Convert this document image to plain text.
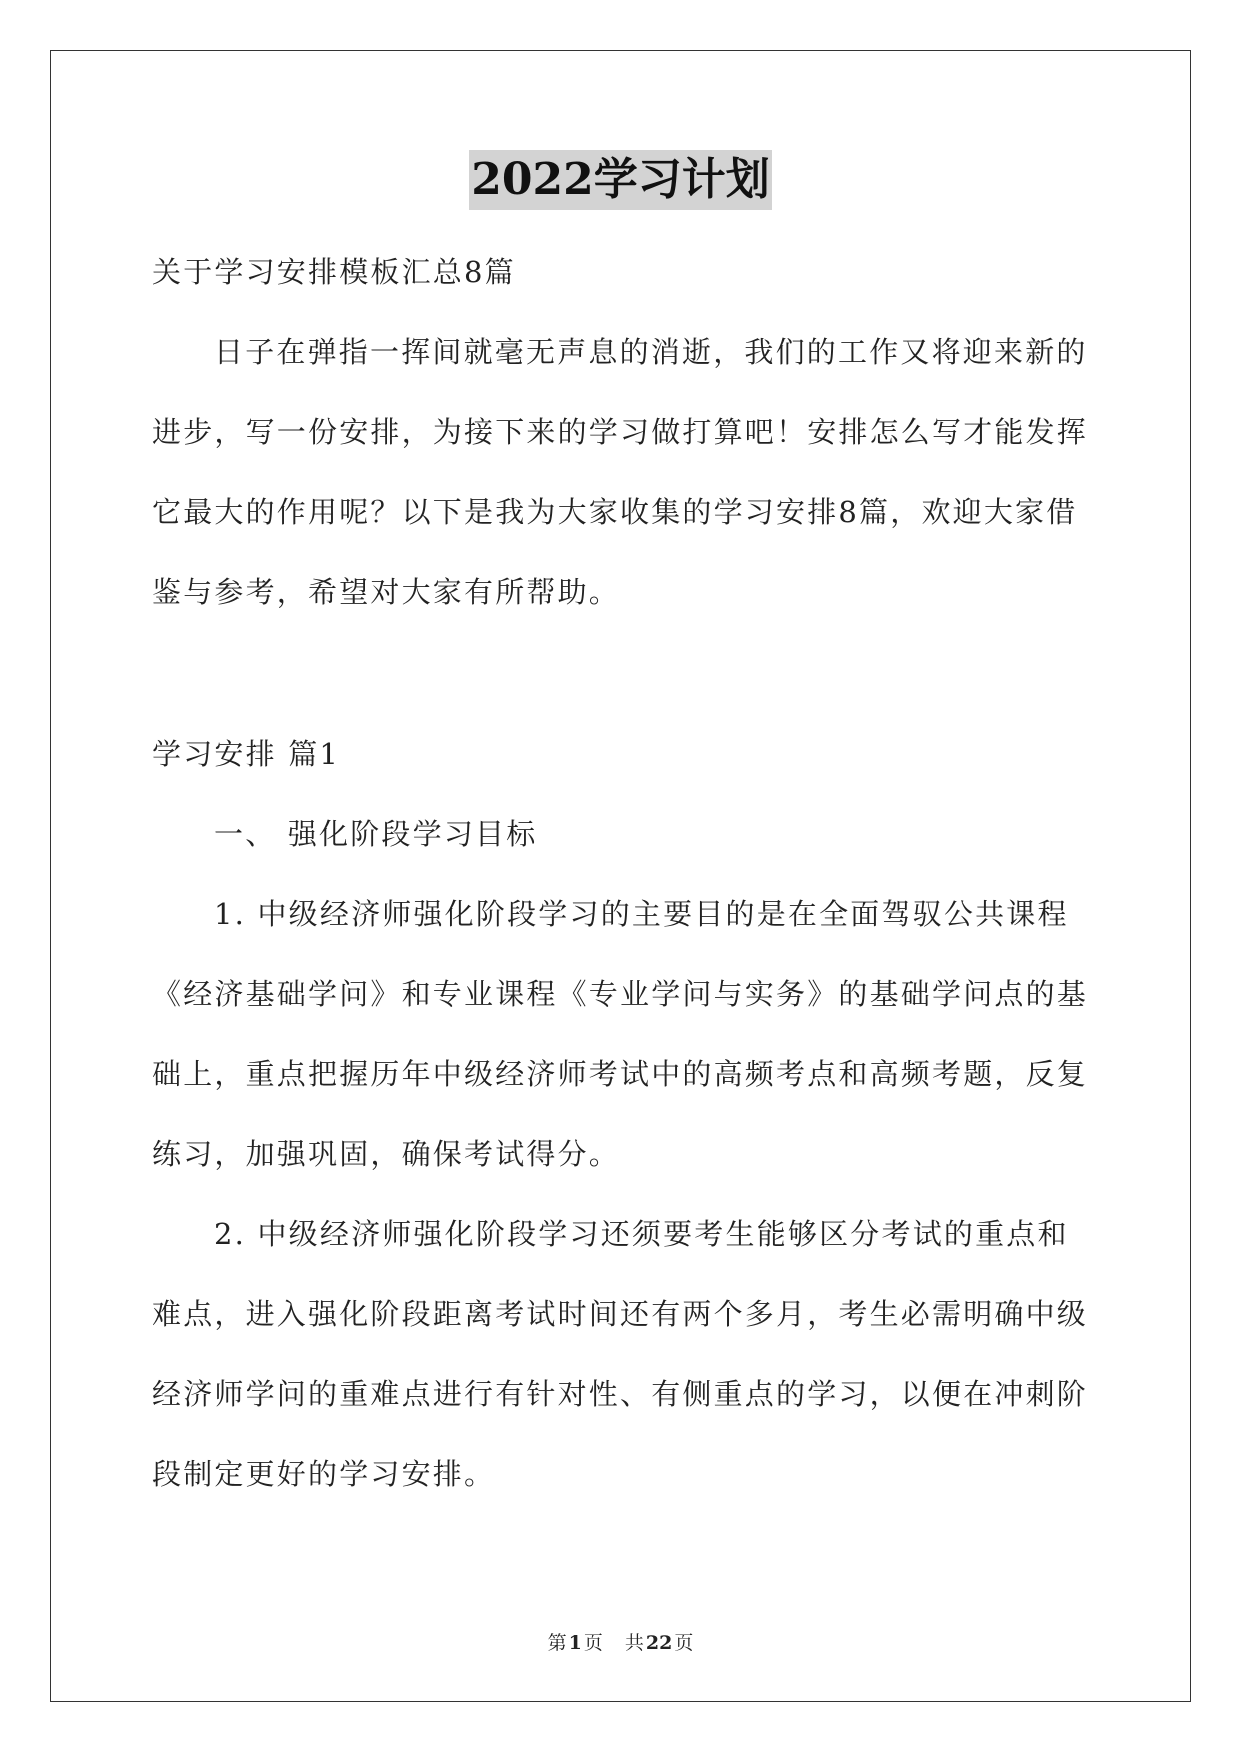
2022学习计划
关于学习安排模板汇总8篇
日子在弹指一挥间就毫无声息的消逝，我们的工作又将迎来新的
进步，写一份安排，为接下来的学习做打算吧！安排怎么写才能发挥
它最大的作用呢？以下是我为大家收集的学习安排8篇，欢迎大家借
鉴与参考，希望对大家有所帮助。
学习安排 篇1
一、 强化阶段学习目标
1. 中级经济师强化阶段学习的主要目的是在全面驾驭公共课程
《经济基础学问》和专业课程《专业学问与实务》的基础学问点的基
础上，重点把握历年中级经济师考试中的高频考点和高频考题，反复
练习，加强巩固，确保考试得分。
2. 中级经济师强化阶段学习还须要考生能够区分考试的重点和
难点，进入强化阶段距离考试时间还有两个多月，考生必需明确中级
经济师学问的重难点进行有针对性、有侧重点的学习，以便在冲刺阶
段制定更好的学习安排。
第 1 页 共 22 页
